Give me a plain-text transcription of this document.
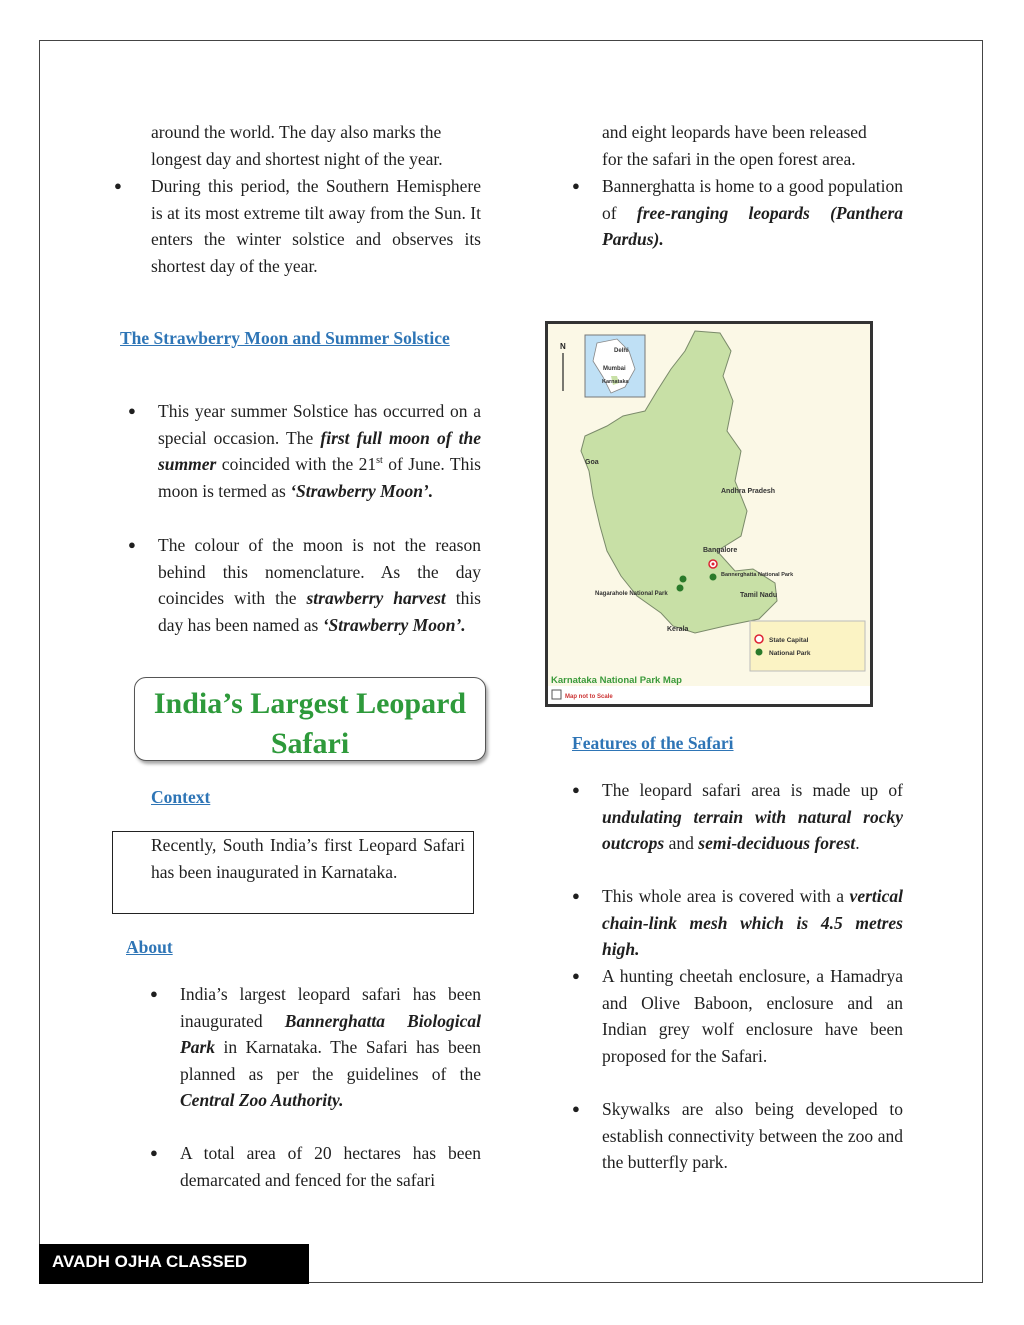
around the world. The day also marks the

longest day and shortest night of the year.

● During this period, the Southern Hemisphere is at its most extreme tilt away from the Sun. It enters the winter solstice and observes its shortest day of the year.

The Strawberry Moon and Summer Solstice

● This year summer Solstice has occurred on a special occasion. The first full moon of the summer coincided with the 21st of June. This moon is termed as ‘Strawberry Moon’.

● The colour of the moon is not the reason behind this nomenclature. As the day coincides with the strawberry harvest this day has been named as ‘Strawberry Moon’.

India’s Largest Leopard Safari

Context

Recently, South India’s first Leopard Safari has been inaugurated in Karnataka.

About

● India’s largest leopard safari has been inaugurated Bannerghatta Biological Park in Karnataka. The Safari has been planned as per the guidelines of the Central Zoo Authority.

● A total area of 20 hectares has been demarcated and fenced for the safari

and eight leopards have been released

for the safari in the open forest area.

● Bannerghatta is home to a good population of free-ranging leopards (Panthera Pardus).

Delhi
Mumbai
Karnataka
N
Goa
Andhra Pradesh
Bangalore
Bannerghatta National Park
Nagarahole National Park	Tamil Nadu
Kerala
State Capital
National Park
Karnataka National Park Map
Map not to Scale

Features of the Safari

● The leopard safari area is made up of undulating terrain with natural rocky outcrops and semi-deciduous forest.

● This whole area is covered with a vertical chain-link mesh which is 4.5 metres high.

● A hunting cheetah enclosure, a Hamadrya and Olive Baboon, enclosure and an Indian grey wolf enclosure have been proposed for the Safari.

● Skywalks are also being developed to establish connectivity between the zoo and the butterfly park.

AVADH OJHA CLASSED
